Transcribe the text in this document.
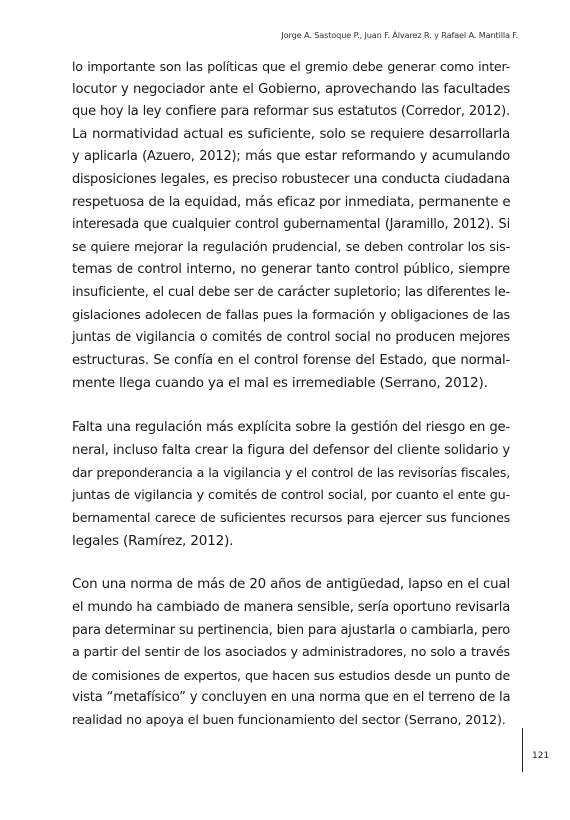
Jorge A. Sastoque P., Juan F. Álvarez R. y Rafael A. Mantilla F.

lo importante son las políticas que el gremio debe generar como inter-
locutor y negociador ante el Gobierno, aprovechando las facultades
que hoy la ley confiere para reformar sus estatutos (Corredor, 2012).
La normatividad actual es suficiente, solo se requiere desarrollarla
y aplicarla (Azuero, 2012); más que estar reformando y acumulando
disposiciones legales, es preciso robustecer una conducta ciudadana
respetuosa de la equidad, más eficaz por inmediata, permanente e
interesada que cualquier control gubernamental (Jaramillo, 2012). Si
se quiere mejorar la regulación prudencial, se deben controlar los sis-
temas de control interno, no generar tanto control público, siempre
insuficiente, el cual debe ser de carácter supletorio; las diferentes le-
gislaciones adolecen de fallas pues la formación y obligaciones de las
juntas de vigilancia o comités de control social no producen mejores
estructuras. Se confía en el control forense del Estado, que normal-
mente llega cuando ya el mal es irremediable (Serrano, 2012).

Falta una regulación más explícita sobre la gestión del riesgo en ge-
neral, incluso falta crear la figura del defensor del cliente solidario y
dar preponderancia a la vigilancia y el control de las revisorías fiscales,
juntas de vigilancia y comités de control social, por cuanto el ente gu-
bernamental carece de suficientes recursos para ejercer sus funciones
legales (Ramírez, 2012).

Con una norma de más de 20 años de antigüedad, lapso en el cual
el mundo ha cambiado de manera sensible, sería oportuno revisarla
para determinar su pertinencia, bien para ajustarla o cambiarla, pero
a partir del sentir de los asociados y administradores, no solo a través
de comisiones de expertos, que hacen sus estudios desde un punto de
vista “metafísico” y concluyen en una norma que en el terreno de la
realidad no apoya el buen funcionamiento del sector (Serrano, 2012).

121
